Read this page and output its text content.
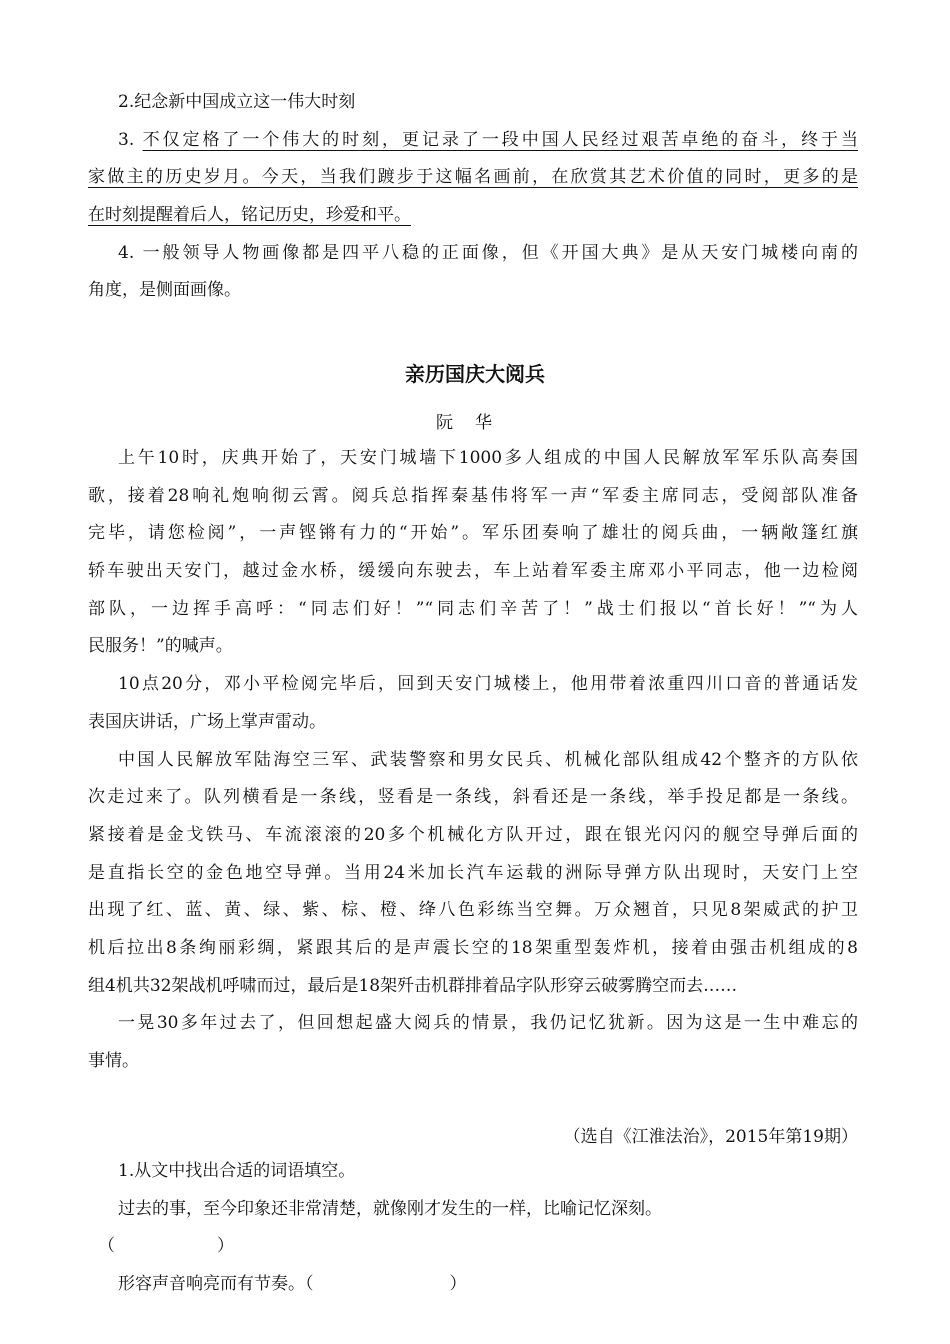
2.纪念新中国成立这一伟大时刻
3. 不仅定格了一个伟大的时刻，更记录了一段中国人民经过艰苦卓绝的奋斗，终于当
家做主的历史岁月。今天，当我们踱步于这幅名画前，在欣赏其艺术价值的同时，更多的是
在时刻提醒着后人，铭记历史，珍爱和平。
4. 一般领导人物画像都是四平八稳的正面像，但《开国大典》是从天安门城楼向南的
角度，是侧面画像。
亲历国庆大阅兵
阮华
上午10时，庆典开始了，天安门城墙下1000多人组成的中国人民解放军军乐队高奏国
歌，接着28响礼炮响彻云霄。阅兵总指挥秦基伟将军一声“军委主席同志，受阅部队准备
完毕，请您检阅”，一声铿锵有力的“开始”。军乐团奏响了雄壮的阅兵曲，一辆敞篷红旗
轿车驶出天安门，越过金水桥，缓缓向东驶去，车上站着军委主席邓小平同志，他一边检阅
部队，一边挥手高呼：“同志们好！”“同志们辛苦了！”战士们报以“首长好！”“为人
民服务！”的喊声。
10点20分，邓小平检阅完毕后，回到天安门城楼上，他用带着浓重四川口音的普通话发
表国庆讲话，广场上掌声雷动。
中国人民解放军陆海空三军、武装警察和男女民兵、机械化部队组成42个整齐的方队依
次走过来了。队列横看是一条线，竖看是一条线，斜看还是一条线，举手投足都是一条线。
紧接着是金戈铁马、车流滚滚的20多个机械化方队开过，跟在银光闪闪的舰空导弹后面的
是直指长空的金色地空导弹。当用24米加长汽车运载的洲际导弹方队出现时，天安门上空
出现了红、蓝、黄、绿、紫、棕、橙、绛八色彩练当空舞。万众翘首，只见8架威武的护卫
机后拉出8条绚丽彩绸，紧跟其后的是声震长空的18架重型轰炸机，接着由强击机组成的8
组4机共32架战机呼啸而过，最后是18架歼击机群排着品字队形穿云破雾腾空而去……
一晃30多年过去了，但回想起盛大阅兵的情景，我仍记忆犹新。因为这是一生中难忘的
事情。
（选自《江淮法治》，2015年第19期）
1.从文中找出合适的词语填空。
过去的事，至今印象还非常清楚，就像刚才发生的一样，比喻记忆深刻。
（　　　　　　）
形容声音响亮而有节奏。（　　　　　　　　）
